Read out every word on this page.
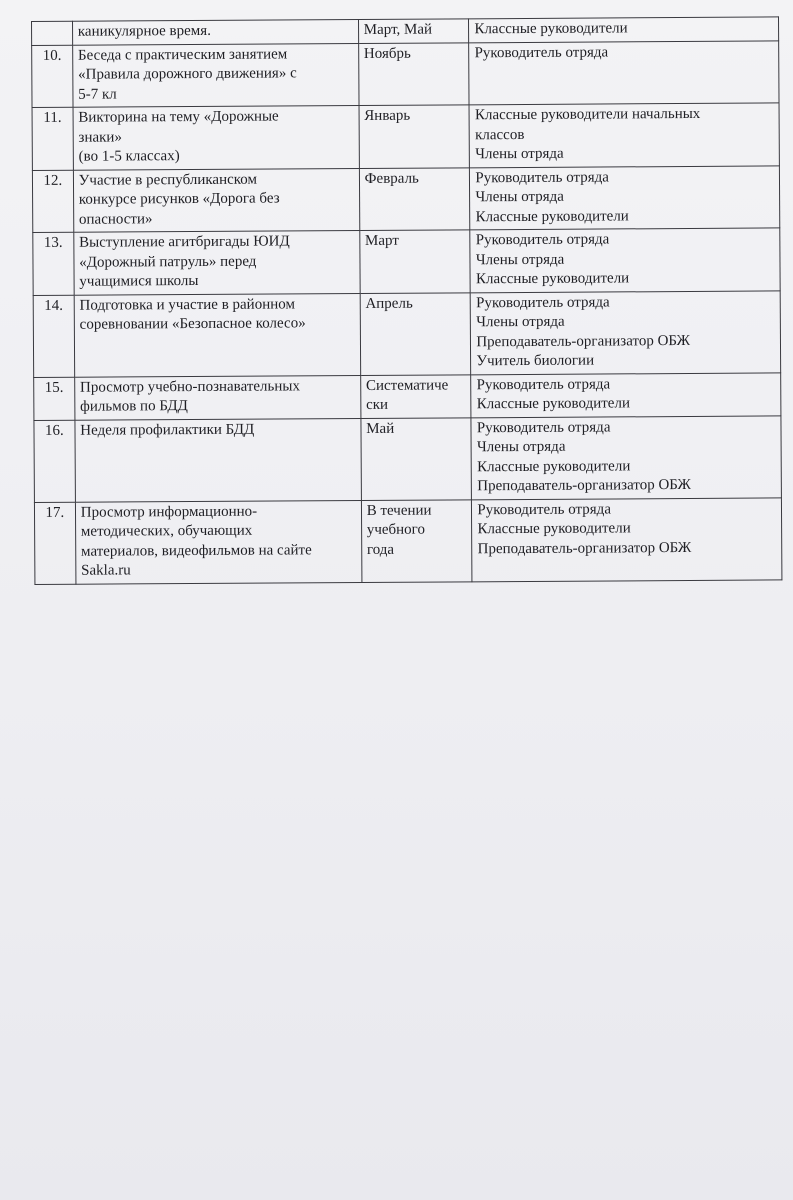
	каникулярное время.	Март, Май	Классные руководители

10.	Беседа с практическим занятием
«Правила дорожного движения» с
5-7 кл	Ноябрь	Руководитель отряда

11.	Викторина на тему «Дорожные
знаки»
(во 1-5 классах)	Январь	Классные руководители начальных
классов
Члены отряда

12.	Участие в республиканском
конкурсе рисунков «Дорога без
опасности»	Февраль	Руководитель отряда
Члены отряда
Классные руководители

13.	Выступление агитбригады ЮИД
«Дорожный патруль» перед
учащимися школы	Март	Руководитель отряда
Члены отряда
Классные руководители

14.	Подготовка и участие в районном
соревновании «Безопасное колесо»	Апрель	Руководитель отряда
Члены отряда
Преподаватель-организатор ОБЖ
Учитель биологии

15.	Просмотр учебно-познавательных
фильмов по БДД	Систематиче
ски	Руководитель отряда
Классные руководители

16.	Неделя профилактики БДД	Май	Руководитель отряда
Члены отряда
Классные руководители
Преподаватель-организатор ОБЖ

17.	Просмотр информационно-
методических, обучающих
материалов, видеофильмов на сайте
Sakla.ru	В течении
учебного
года	Руководитель отряда
Классные руководители
Преподаватель-организатор ОБЖ
